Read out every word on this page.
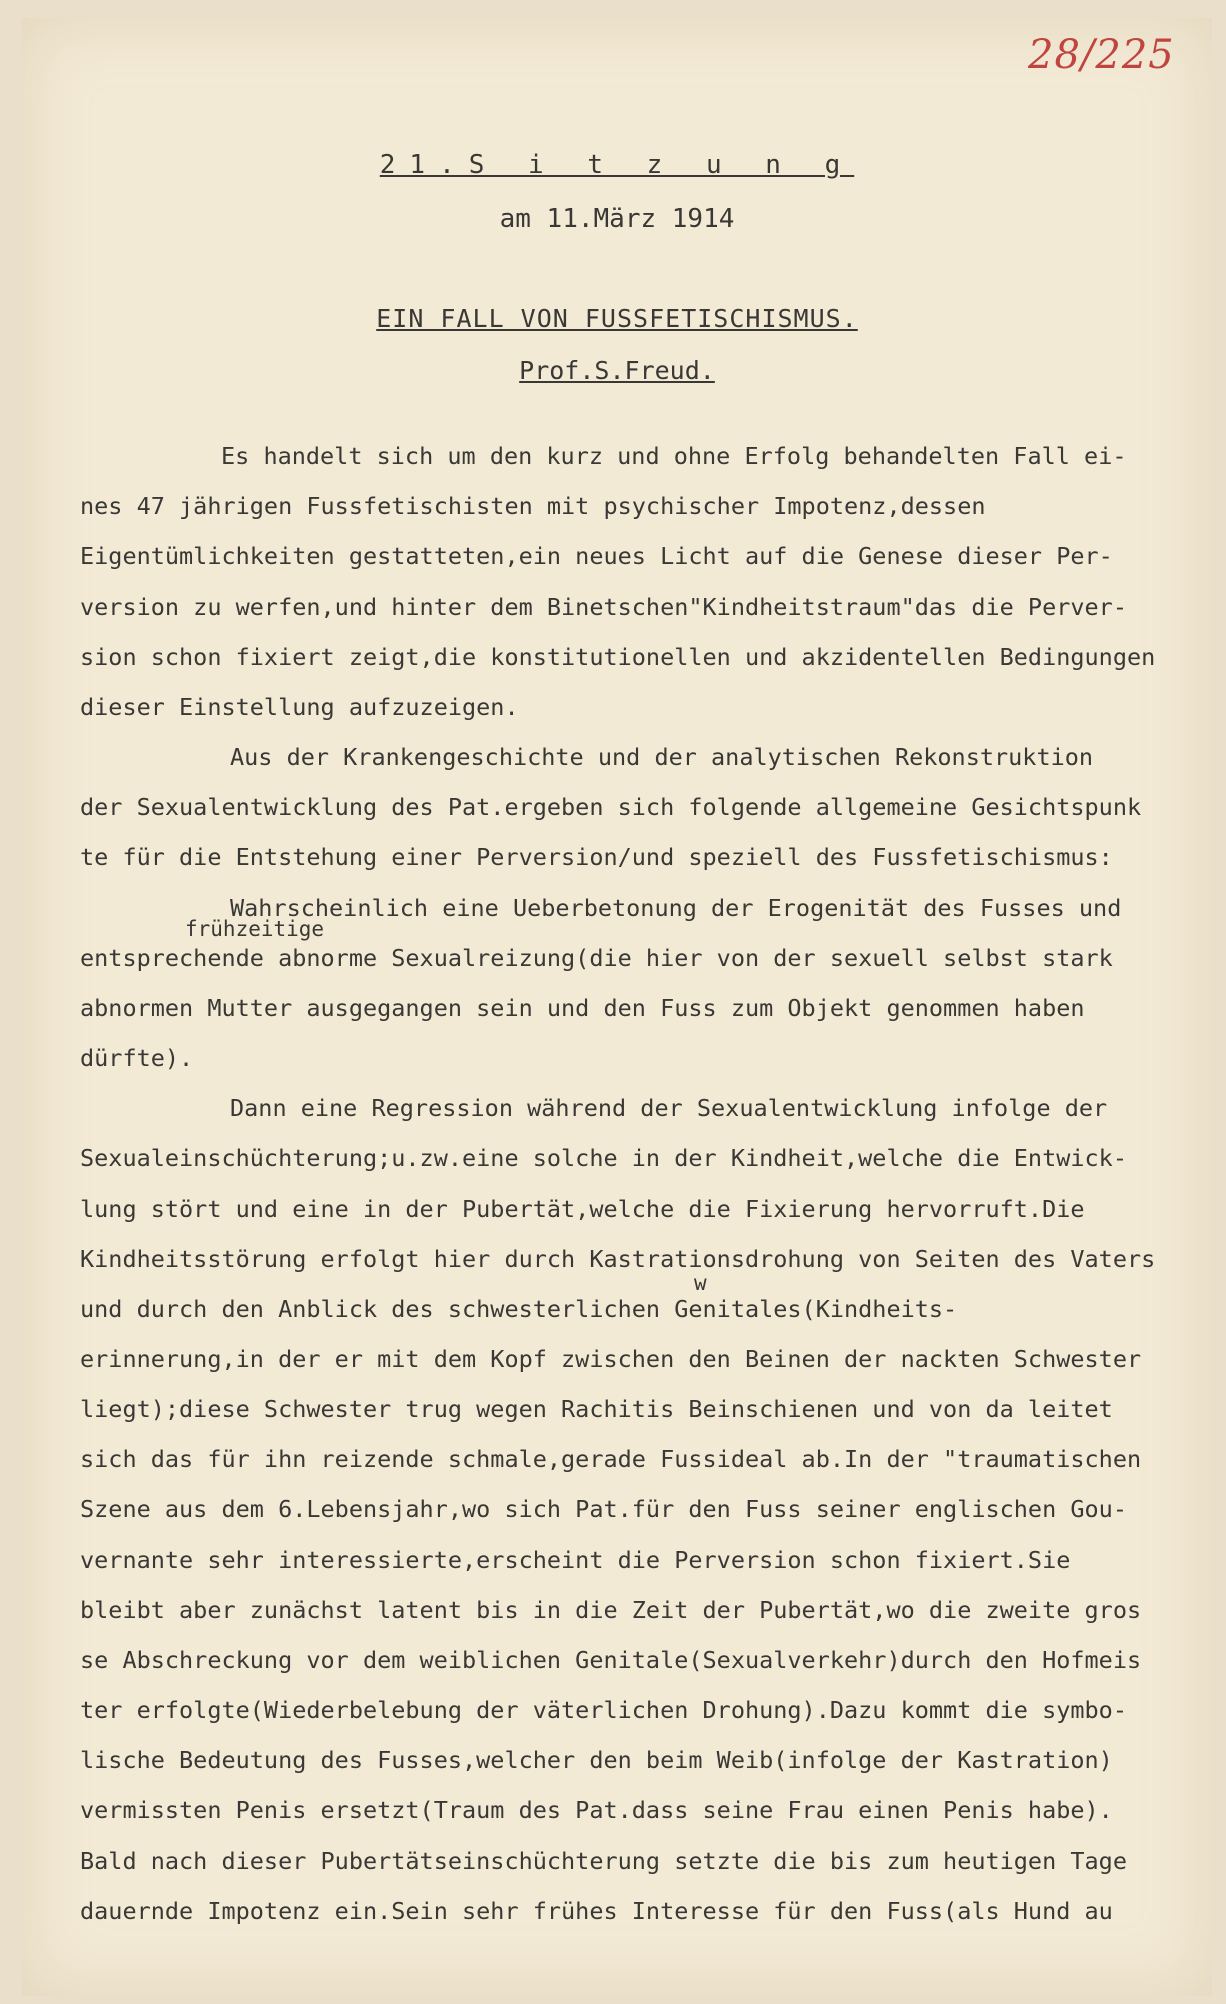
28/225
21.S i t z u n g
am 11.März 1914
EIN FALL VON FUSSFETISCHISMUS.
Prof.S.Freud.
Es handelt sich um den kurz und ohne Erfolg behandelten Fall ei-
nes 47 jährigen Fussfetischisten mit psychischer Impotenz,dessen
Eigentümlichkeiten gestatteten,ein neues Licht auf die Genese dieser Per-
version zu werfen,und hinter dem Binetschen"Kindheitstraum"das die Perver-
sion schon fixiert zeigt,die konstitutionellen und akzidentellen Bedingungen
dieser Einstellung aufzuzeigen.
Aus der Krankengeschichte und der analytischen Rekonstruktion
der Sexualentwicklung des Pat.ergeben sich folgende allgemeine Gesichtspunk
te für die Entstehung einer Perversion/und speziell des Fussfetischismus:
Wahrscheinlich eine Ueberbetonung der Erogenität des Fusses und
frühzeitige
entsprechende abnorme Sexualreizung(die hier von der sexuell selbst stark
abnormen Mutter ausgegangen sein und den Fuss zum Objekt genommen haben
dürfte).
Dann eine Regression während der Sexualentwicklung infolge der
Sexualeinschüchterung;u.zw.eine solche in der Kindheit,welche die Entwick-
lung stört und eine in der Pubertät,welche die Fixierung hervorruft.Die
Kindheitsstörung erfolgt hier durch Kastrationsdrohung von Seiten des Vaters
w
und durch den Anblick des schwesterlichen Genitales(Kindheits-
erinnerung,in der er mit dem Kopf zwischen den Beinen der nackten Schwester
liegt);diese Schwester trug wegen Rachitis Beinschienen und von da leitet
sich das für ihn reizende schmale,gerade Fussideal ab.In der "traumatischen
Szene aus dem 6.Lebensjahr,wo sich Pat.für den Fuss seiner englischen Gou-
vernante sehr interessierte,erscheint die Perversion schon fixiert.Sie
bleibt aber zunächst latent bis in die Zeit der Pubertät,wo die zweite gros
se Abschreckung vor dem weiblichen Genitale(Sexualverkehr)durch den Hofmeis
ter erfolgte(Wiederbelebung der väterlichen Drohung).Dazu kommt die symbo-
lische Bedeutung des Fusses,welcher den beim Weib(infolge der Kastration)
vermissten Penis ersetzt(Traum des Pat.dass seine Frau einen Penis habe).
Bald nach dieser Pubertätseinschüchterung setzte die bis zum heutigen Tage
dauernde Impotenz ein.Sein sehr frühes Interesse für den Fuss(als Hund au
